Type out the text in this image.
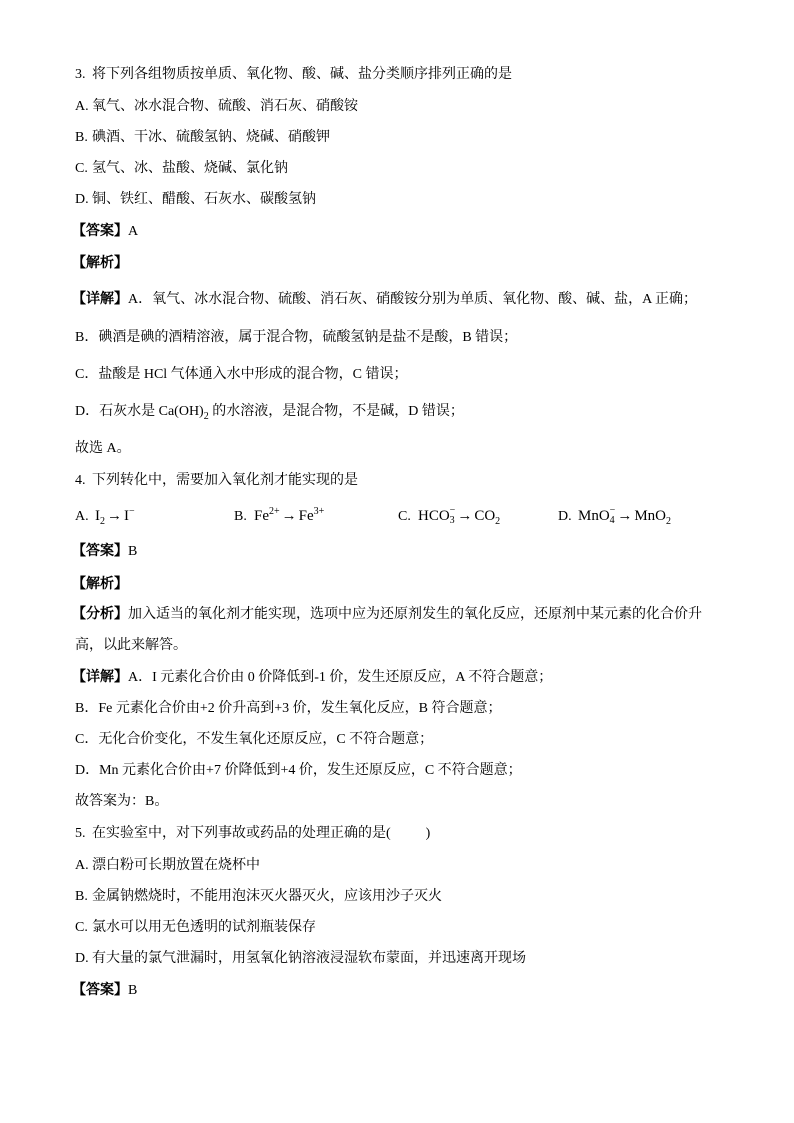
3. 将下列各组物质按单质、氧化物、酸、碱、盐分类顺序排列正确的是
A. 氧气、冰水混合物、硫酸、消石灰、硝酸铵
B. 碘酒、干冰、硫酸氢钠、烧碱、硝酸钾
C. 氢气、冰、盐酸、烧碱、氯化钠
D. 铜、铁红、醋酸、石灰水、碳酸氢钠
【答案】A
【解析】
【详解】A．氧气、冰水混合物、硫酸、消石灰、硝酸铵分别为单质、氧化物、酸、碱、盐，A 正确；
B．碘酒是碘的酒精溶液，属于混合物，硫酸氢钠是盐不是酸，B 错误；
C．盐酸是 HCl 气体通入水中形成的混合物，C 错误；
D．石灰水是 $Ca(OH)_2$ 的水溶液，是混合物，不是碱，D 错误；
故选 A。
4. 下列转化中，需要加入氧化剂才能实现的是
A. $I_2 \to I^-$	B. $Fe^{2+} \to Fe^{3+}$	C. HCO −
$3 \to CO_2$	D. MnO −
4 → MnO$_2$
【答案】B
【解析】
【分析】加入适当的氧化剂才能实现，选项中应为还原剂发生的氧化反应，还原剂中某元素的化合价升
高，以此来解答。
【详解】A．I 元素化合价由 0 价降低到-1 价，发生还原反应，A 不符合题意；
B．Fe 元素化合价由+2 价升高到+3 价，发生氧化反应，B 符合题意；
C．无化合价变化，不发生氧化还原反应，C 不符合题意；
D．Mn 元素化合价由+7 价降低到+4 价，发生还原反应，C 不符合题意；
故答案为：B。
5. 在实验室中，对下列事故或药品的处理正确的是(          )
A. 漂白粉可长期放置在烧杯中
B. 金属钠燃烧时，不能用泡沫灭火器灭火，应该用沙子灭火
C. 氯水可以用无色透明的试剂瓶装保存
D. 有大量的氯气泄漏时，用氢氧化钠溶液浸湿软布蒙面，并迅速离开现场
【答案】B
